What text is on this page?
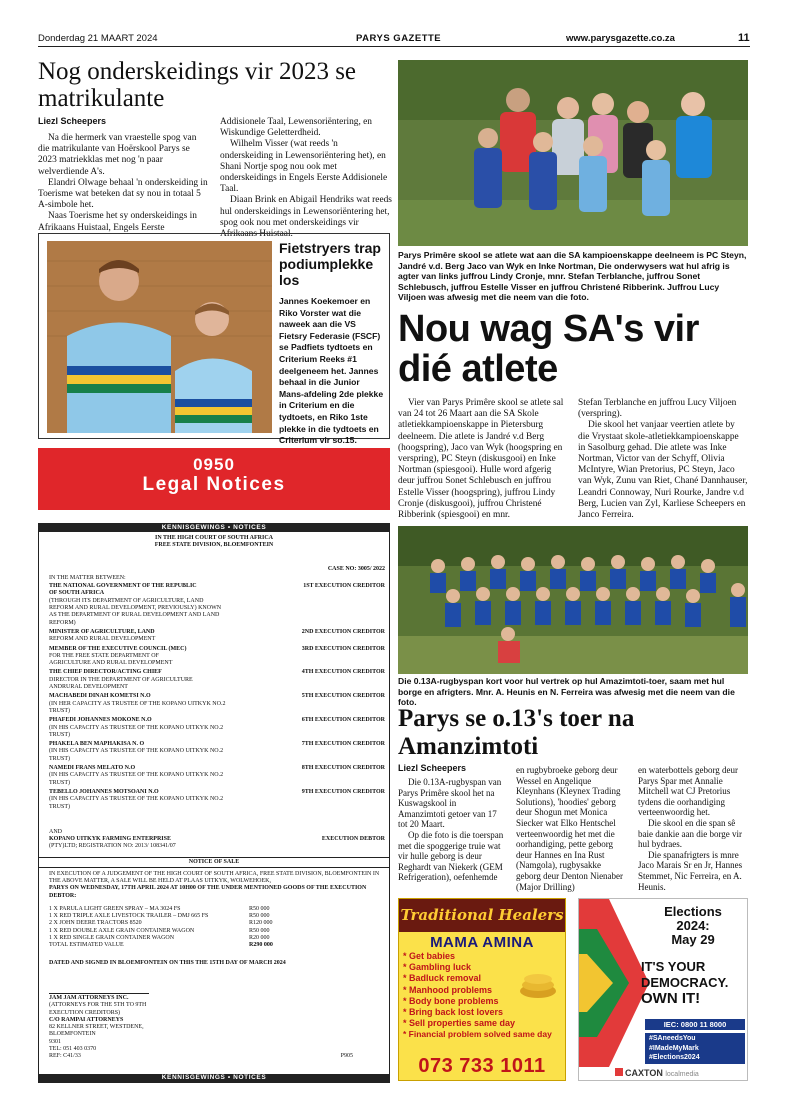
Donderdag 21 MAART 2024	PARYS GAZETTE	www.parysgazette.co.za	11
Nog onderskeidings vir 2023 se matrikulante
Liezl Scheepers

Na die hermerk van vraestelle spog van die matrikulante van Hoërskool Parys se 2023 matriekklas met nog 'n paar welverdiende A's.

Elandri Olwage behaal 'n onderskeiding in Toerisme wat beteken dat sy nou in totaal 5 A-simbole het.

Naas Toerisme het sy onderskeidings in Afrikaans Huistaal, Engels Eerste

Addisionele Taal, Lewensoriëntering, en Wiskundige Geletterdheid.

Wilhelm Visser (wat reeds 'n onderskeiding in Lewensoriëntering het), en Shani Nortje spog nou ook met onderskeidings in Engels Eerste Addisionele Taal.

Diaan Brink en Abigail Hendriks wat reeds hul onderskeidings in Lewensoriëntering het, spog ook nou met onderskeidings vir Afrikaans Huistaal.

Fietstryers trap podiumplekke los
Jannes Koekemoer en Riko Vorster wat die naweek aan die VS Fietsry Federasie (FSCF) se Padfiets tydtoets en Criterium Reeks #1 deelgeneem het. Jannes behaal in die Junior Mans-afdeling 2de plekke in Criterium en die tydtoets, en Riko 1ste plekke in die tydtoets en Criterium vir so.15.
0950
Legal Notices
KENNISGEWINGS • NOTICES
IN THE HIGH COURT OF SOUTH AFRICA
FREE STATE DIVISION, BLOEMFONTEIN
CASE NO: 3005/ 2022
IN THE MATTER BETWEEN:
THE NATIONAL GOVERNMENT OF THE REPUBLIC OF SOUTH AFRICA
(THROUGH ITS DEPARTMENT OF AGRICULTURE, LAND REFORM AND RURAL DEVELOPMENT, PREVIOUSLY) KNOWN AS THE DEPARTMENT OF RURAL DEVELOPMENT AND LAND REFORM)
1ST EXECUTION CREDITOR
MINISTER OF AGRICULTURE, LAND
REFORM AND RURAL DEVELOPMENT
2ND EXECUTION CREDITOR
MEMBER OF THE EXECUTIVE COUNCIL (MEC)
FOR THE FREE STATE DEPARTMENT OF AGRICULTURE AND RURAL DEVELOPMENT
3RD EXECUTION CREDITOR
THE CHIEF DIRECTOR/ACTING CHIEF
DIRECTOR IN THE DEPARTMENT OF AGRICULTURE ANDRURAL DEVELOPMENT
4TH EXECUTION CREDITOR
MACHABEDI DINAH KOMETSI N.O
(IN HER CAPACITY AS TRUSTEE OF THE KOPANO UITKYK NO.2 TRUST)
5TH EXECUTION CREDITOR
PHAFEDI JOHANNES MOKONE N.O
(IN HIS CAPACITY AS TRUSTEE OF THE KOPANO UITKYK NO.2 TRUST)
6TH EXECUTION CREDITOR
PHAKELA BEN MAPHAKISA N. O
(IN HIS CAPACITY AS TRUSTEE OF THE KOPANO UITKYK NO.2 TRUST)
7TH EXECUTION CREDITOR
NAMEDI FRANS MELATO N.O
(IN HIS CAPACITY AS TRUSTEE OF THE KOPANO UITKYK NO.2 TRUST)
8TH EXECUTION CREDITOR
TEBELLO JOHANNES MOTSOANI N.O
(IN HIS CAPACITY AS TRUSTEE OF THE KOPANO UITKYK NO.2 TRUST)
9TH EXECUTION CREDITOR
AND
KOPANO UITKYK FARMING ENTERPRISE
(PTY)LTD; REGISTRATION NO: 2013/ 108341/07
EXECUTION DEBTOR
NOTICE OF SALE
IN EXECUTION OF A JUDGEMENT OF THE HIGH COURT OF SOUTH AFRICA, FREE STATE DIVISION, BLOEMFONTEIN IN THE ABOVE MATTER, A SALE WILL BE HELD AT PLAAS UITKYK, WOLWEHOEK,
PARYS ON WEDNESDAY, 17TH APRIL 2024 AT 10H00 OF THE UNDER MENTIONED GOODS OF THE EXECUTION DEBTOR:
1 X PARULA LIGHT GREEN SPRAY – MA 3024 FS	R50 000
1 X RED TRIPLE AXLE LIVESTOCK TRAILER – DMJ 665 FS	R50 000
2 X JOHN DEERE TRACTORS 8520	R120 000
1 X RED DOUBLE AXLE GRAIN CONTAINER WAGON	R50 000
1 X RED SINGLE GRAIN CONTAINER WAGON	R20 000
TOTAL ESTIMATED VALUE	R290 000
DATED AND SIGNED IN BLOEMFONTEIN ON THIS THE 15TH DAY OF MARCH 2024
JAM JAM ATTORNEYS INC.
(ATTORNEYS FOR THE 5TH TO 9TH
EXECUTION CREDITORS)
C/O RAMPAI ATTORNEYS
82 KELLNER STREET, WESTDENE,
BLOEMFONTEIN
9301
TEL: 051 403 0370
REF: C41/33	P905
KENNISGEWINGS • NOTICES
Parys Primêre skool se atlete wat aan die SA kampioenskappe deelneem is PC Steyn, Jandré v.d. Berg Jaco van Wyk en Inke Nortman, Die onderwysers wat hul afrig is agter van links juffrou Lindy Cronje, mnr. Stefan Terblanche, juffrou Sonet Schlebusch, juffrou Estelle Visser en juffrou Christené Ribberink. Juffrou Lucy Viljoen was afwesig met die neem van die foto.
Nou wag SA's vir dié atlete

Vier van Parys Primêre skool se atlete sal van 24 tot 26 Maart aan die SA Skole atletiekkampioenskappe in Pietersburg deelneem. Die atlete is Jandré v.d Berg (hoogspring), Jaco van Wyk (hoogspring en verspring), PC Steyn (diskusgooi) en Inke Nortman (spiesgooi). Hulle word afgerig deur juffrou Sonet Schlebusch en juffrou Estelle Visser (hoogspring), juffrou Lindy Cronje (diskusgooi), juffrou Christené Ribberink (spiesgooi) en mnr.

Stefan Terblanche en juffrou Lucy Viljoen (verspring).

Die skool het vanjaar veertien atlete by die Vrystaat skole-atletiekkampioenskappe in Sasolburg gehad. Die atlete was Inke Nortman, Victor van der Schyff, Olivia McIntyre, Wian Pretorius, PC Steyn, Jaco van Wyk, Zunu van Riet, Chané Dannhauser, Leandri Connoway, Nuri Rourke, Jandre v.d Berg, Lucien van Zyl, Karliese Scheepers en Janco Ferreira.

Die 0.13A-rugbyspan kort voor hul vertrek op hul Amazimtoti-toer, saam met hul borge en afrigters. Mnr. A. Heunis en N. Ferreira was afwesig met die neem van die foto.
Parys se o.13's toer na Amanzimtoti
Liezl Scheepers

Die 0.13A-rugbyspan van Parys Primêre skool het na Kuswagskool in Amanzimtoti getoer van 17 tot 20 Maart.

Op die foto is die toerspan met die spoggerige truie wat vir hulle geborg is deur Reghardt van Niekerk (GEM Refrigeration), oefenhemde

en rugbybroeke geborg deur Wessel en Angelique Kleynhans (Kleynex Trading Solutions), 'hoodies' geborg deur Shogun met Monica Siecker wat Elko Hentschel verteenwoordig het met die oorhandiging, pette geborg deur Hannes en Ina Rust (Namgola), rugbysakke geborg deur Denton Nienaber (Major Drilling)

en waterbottels geborg deur Parys Spar met Annalie Mitchell wat CJ Pretorius tydens die oorhandiging verteenwoordig het.

Die skool en die span sê baie dankie aan die borge vir hul bydraes.

Die spanafrigters is mnre Jaco Marais Sr en Jr, Hannes Stemmet, Nic Ferreira, en A. Heunis.

Traditional Healers
MAMA AMINA
* Get babies
* Gambling luck
* Badluck removal
* Manhood problems
* Body bone problems
* Bring back lost lovers
* Sell properties same day
* Financial problem solved same day
073 733 1011
Elections
2024:
May 29
IT'S YOUR
DEMOCRACY.
OWN IT!
IEC: 0800 11 8000
#SAneedsYou
#IMadeMyMark
#Elections2024
CAXTON localmedia
